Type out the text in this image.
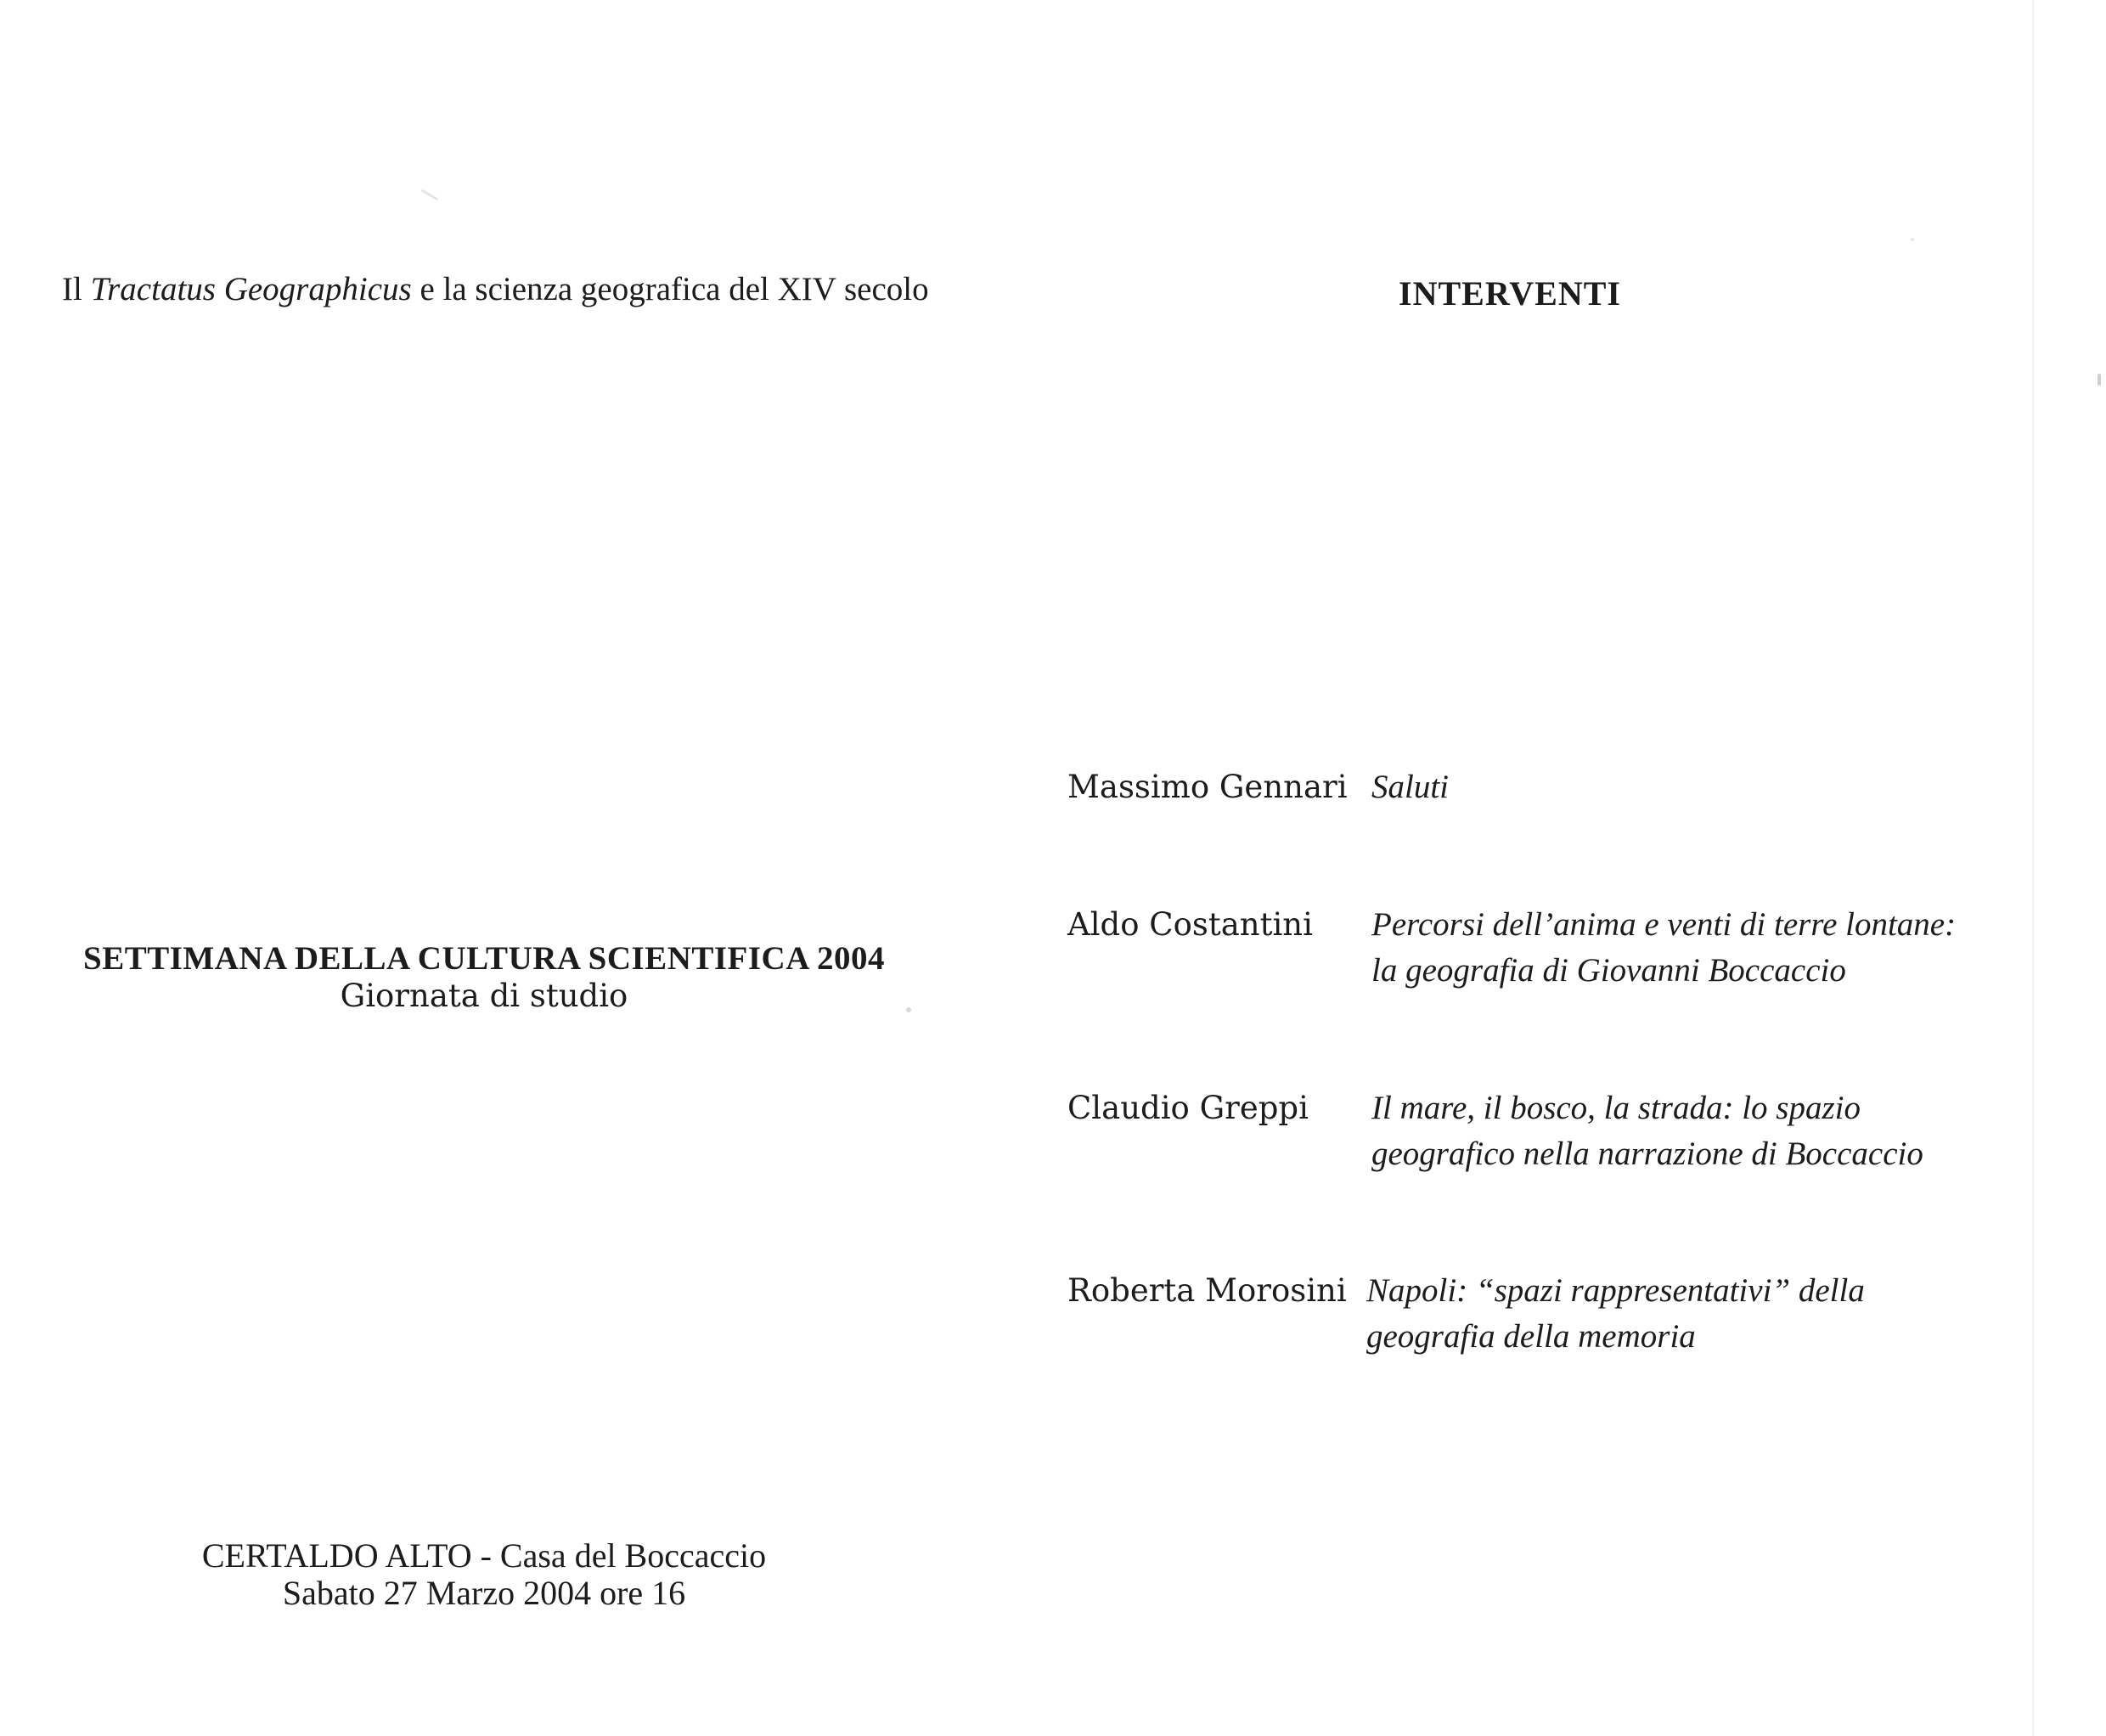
Il Tractatus Geographicus e la scienza geografica del XIV secolo
SETTIMANA DELLA CULTURA SCIENTIFICA 2004
Giornata di studio
CERTALDO ALTO - Casa del Boccaccio
Sabato 27 Marzo 2004 ore 16
INTERVENTI
Massimo Gennari Saluti
Aldo Costantini Percorsi dell’anima e venti di terre lontane:
la geografia di Giovanni Boccaccio
Claudio Greppi Il mare, il bosco, la strada: lo spazio
geografico nella narrazione di Boccaccio
Roberta Morosini Napoli: “spazi rappresentativi” della
geografia della memoria
